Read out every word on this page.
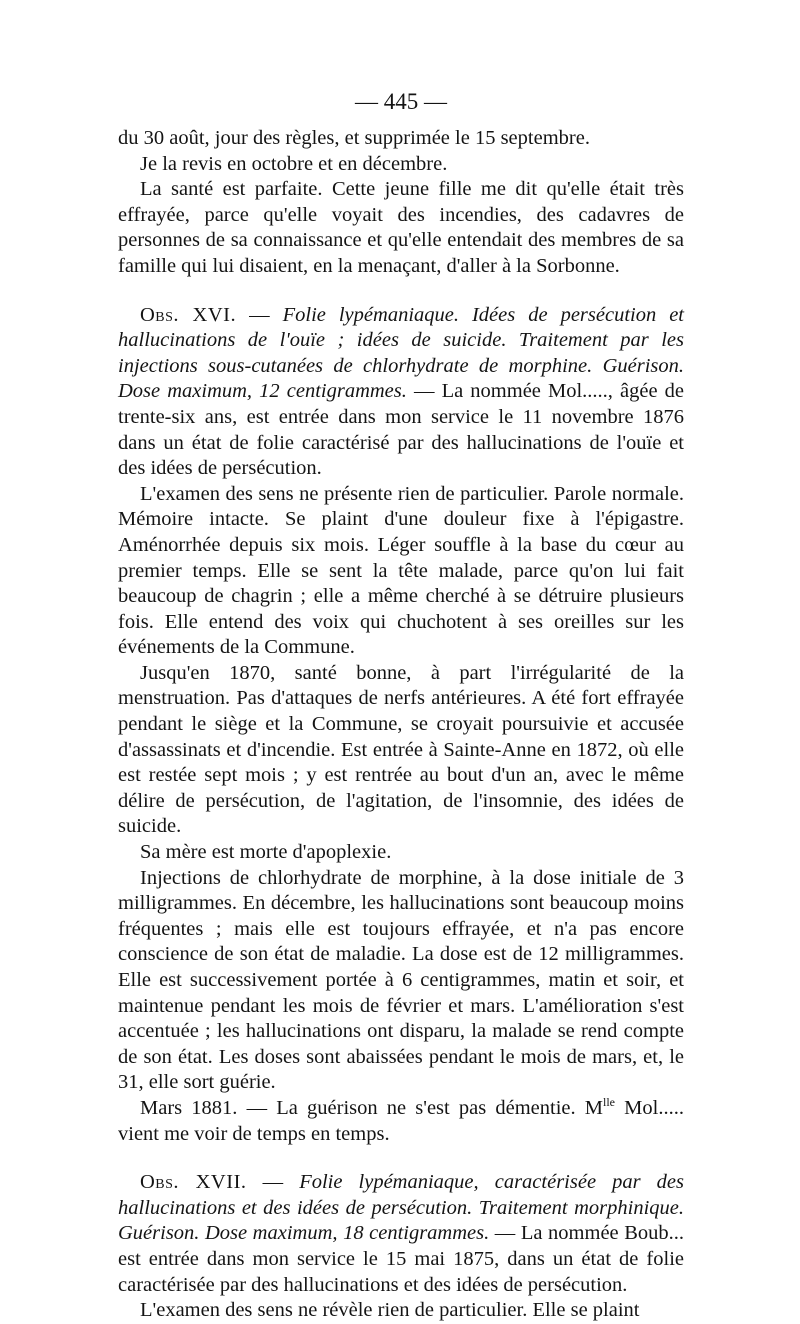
— 445 —

du 30 août, jour des règles, et supprimée le 15 septembre.

Je la revis en octobre et en décembre.

La santé est parfaite. Cette jeune fille me dit qu'elle était très effrayée, parce qu'elle voyait des incendies, des cadavres de personnes de sa connaissance et qu'elle entendait des membres de sa famille qui lui disaient, en la menaçant, d'aller à la Sorbonne.

Obs. XVI. — Folie lypémaniaque. Idées de persécution et hallucinations de l'ouïe ; idées de suicide. Traitement par les injections sous-cutanées de chlorhydrate de morphine. Guérison. Dose maximum, 12 centigrammes. — La nommée Mol....., âgée de trente-six ans, est entrée dans mon service le 11 novembre 1876 dans un état de folie caractérisé par des hallucinations de l'ouïe et des idées de persécution.

L'examen des sens ne présente rien de particulier. Parole normale. Mémoire intacte. Se plaint d'une douleur fixe à l'épigastre. Aménorrhée depuis six mois. Léger souffle à la base du cœur au premier temps. Elle se sent la tête malade, parce qu'on lui fait beaucoup de chagrin ; elle a même cherché à se détruire plusieurs fois. Elle entend des voix qui chuchotent à ses oreilles sur les événements de la Commune.

Jusqu'en 1870, santé bonne, à part l'irrégularité de la menstruation. Pas d'attaques de nerfs antérieures. A été fort effrayée pendant le siège et la Commune, se croyait poursuivie et accusée d'assassinats et d'incendie. Est entrée à Sainte-Anne en 1872, où elle est restée sept mois ; y est rentrée au bout d'un an, avec le même délire de persécution, de l'agitation, de l'insomnie, des idées de suicide.

Sa mère est morte d'apoplexie.

Injections de chlorhydrate de morphine, à la dose initiale de 3 milligrammes. En décembre, les hallucinations sont beaucoup moins fréquentes ; mais elle est toujours effrayée, et n'a pas encore conscience de son état de maladie. La dose est de 12 milligrammes. Elle est successivement portée à 6 centigrammes, matin et soir, et maintenue pendant les mois de février et mars. L'amélioration s'est accentuée ; les hallucinations ont disparu, la malade se rend compte de son état. Les doses sont abaissées pendant le mois de mars, et, le 31, elle sort guérie.

Mars 1881. — La guérison ne s'est pas démentie. $M^{lle}$ Mol..... vient me voir de temps en temps.

Obs. XVII. — Folie lypémaniaque, caractérisée par des hallucinations et des idées de persécution. Traitement morphinique. Guérison. Dose maximum, 18 centigrammes. — La nommée Boub... est entrée dans mon service le 15 mai 1875, dans un état de folie caractérisée par des hallucinations et des idées de persécution.

L'examen des sens ne révèle rien de particulier. Elle se plaint
